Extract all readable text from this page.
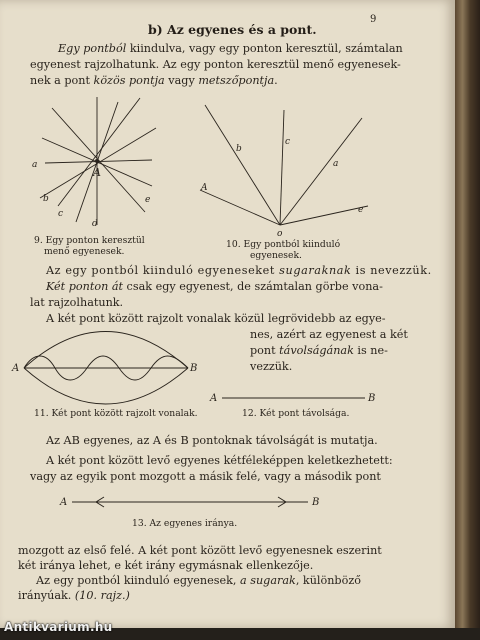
9
b) Az egyenes és a pont.
Egy pontból kiindulva, vagy egy ponton keresztül, számtalan
egyenest rajzolhatunk. Az egy ponton keresztül menő egyenesek-
nek a pont közös pontja vagy metszőpontja.
a
A
b
c
d
e
9. Egy ponton keresztül
menő egyenesek.
b
c
a
A
e
o
10. Egy pontból kiinduló
egyenesek.
Az egy pontból kiinduló egyeneseket sugaraknak is nevezzük.
Két ponton át csak egy egyenest, de számtalan görbe vona-
lat rajzolhatunk.
A két pont között rajzolt vonalak közül legrövidebb az egye-
nes, azért az egyenest a két
pont távolságának is ne-
vezzük.
A	B
11. Két pont között rajzolt vonalak.
A	B
12. Két pont távolsága.
Az AB egyenes, az A és B pontoknak távolságát is mutatja.
A két pont között levő egyenes kétféleképpen keletkezhetett:
vagy az egyik pont mozgott a másik felé, vagy a második pont
A	B
13. Az egyenes iránya.
mozgott az első felé. A két pont között levő egyenesnek eszerint
két iránya lehet, e két irány egymásnak ellenkezője.
Az egy pontból kiinduló egyenesek, a sugarak, különböző
irányúak. (10. rajz.)
Antikvarium.hu
